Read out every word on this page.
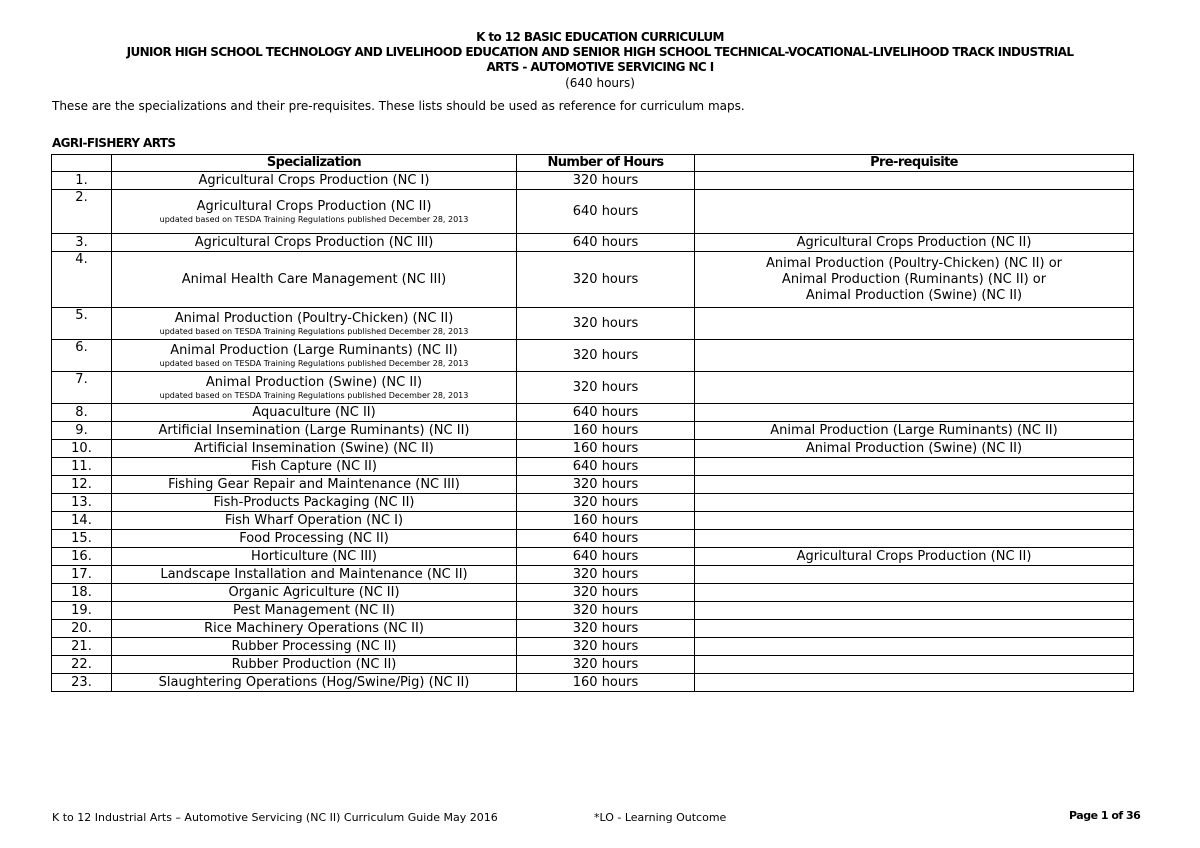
K to 12 BASIC EDUCATION CURRICULUM
JUNIOR HIGH SCHOOL TECHNOLOGY AND LIVELIHOOD EDUCATION AND SENIOR HIGH SCHOOL TECHNICAL-VOCATIONAL-LIVELIHOOD TRACK INDUSTRIAL
ARTS - AUTOMOTIVE SERVICING NC I
(640 hours)
These are the specializations and their pre-requisites. These lists should be used as reference for curriculum maps.
AGRI-FISHERY ARTS
	Specialization	Number of Hours	Pre-requisite
1.	Agricultural Crops Production (NC I)	320 hours	
2.	Agricultural Crops Production (NC II)
updated based on TESDA Training Regulations published December 28, 2013	640 hours	
3.	Agricultural Crops Production (NC III)	640 hours	Agricultural Crops Production (NC II)

4.	Animal Health Care Management (NC III)	320 hours	Animal Production (Poultry-Chicken) (NC II) or
Animal Production (Ruminants) (NC II) or
Animal Production (Swine) (NC II)

5.	Animal Production (Poultry-Chicken) (NC II)
updated based on TESDA Training Regulations published December 28, 2013	320 hours	
6.	Animal Production (Large Ruminants) (NC II)
updated based on TESDA Training Regulations published December 28, 2013	320 hours	
7.	Animal Production (Swine) (NC II)
updated based on TESDA Training Regulations published December 28, 2013	320 hours	
8.	Aquaculture (NC II)	640 hours	
9.	Artificial Insemination (Large Ruminants) (NC II)	160 hours	Animal Production (Large Ruminants) (NC II)

10.	Artificial Insemination (Swine) (NC II)	160 hours	Animal Production (Swine) (NC II)

11.	Fish Capture (NC II)	640 hours	
12.	Fishing Gear Repair and Maintenance (NC III)	320 hours	
13.	Fish-Products Packaging (NC II)	320 hours	
14.	Fish Wharf Operation (NC I)	160 hours	
15.	Food Processing (NC II)	640 hours	
16.	Horticulture (NC III)	640 hours	Agricultural Crops Production (NC II)

17.	Landscape Installation and Maintenance (NC II)	320 hours	
18.	Organic Agriculture (NC II)	320 hours	
19.	Pest Management (NC II)	320 hours	
20.	Rice Machinery Operations (NC II)	320 hours	
21.	Rubber Processing (NC II)	320 hours	
22.	Rubber Production (NC II)	320 hours	
23.	Slaughtering Operations (Hog/Swine/Pig) (NC II)	160 hours	
K to 12 Industrial Arts – Automotive Servicing (NC II) Curriculum Guide May 2016	*LO - Learning Outcome	Page 1 of 36
